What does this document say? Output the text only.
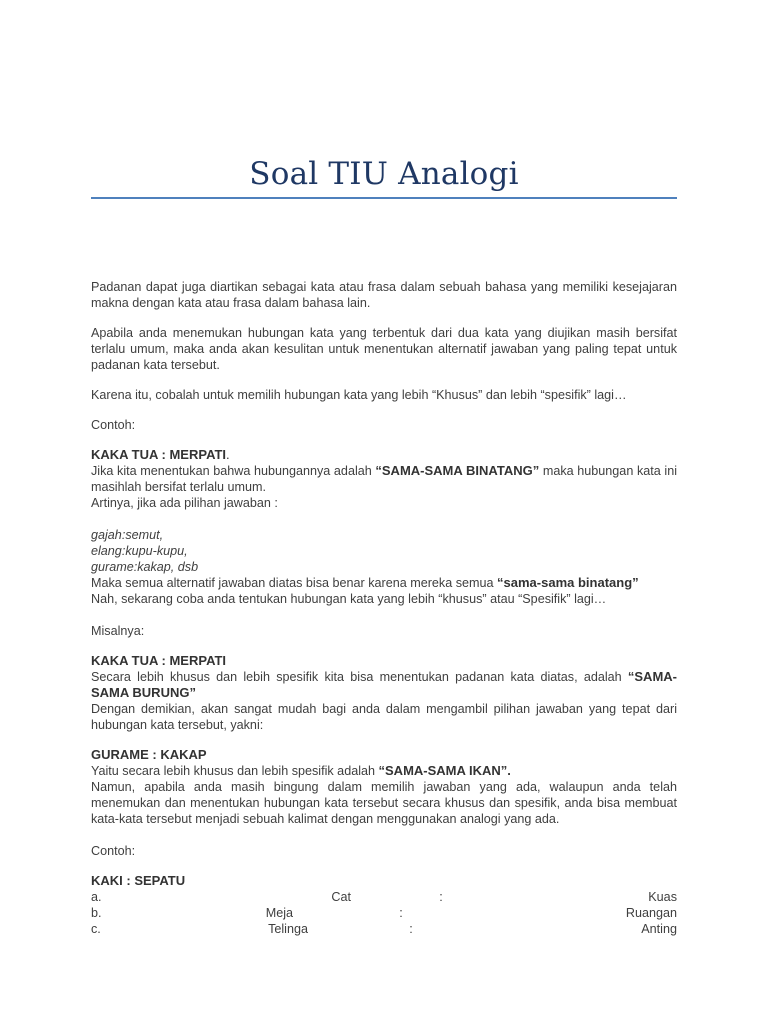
Soal TIU Analogi

Padanan dapat juga diartikan sebagai kata atau frasa dalam sebuah bahasa yang memiliki kesejajaran makna dengan kata atau frasa dalam bahasa lain.

Apabila anda menemukan hubungan kata yang terbentuk dari dua kata yang diujikan masih bersifat terlalu umum, maka anda akan kesulitan untuk menentukan alternatif jawaban yang paling tepat untuk padanan kata tersebut.

Karena itu, cobalah untuk memilih hubungan kata yang lebih “Khusus” dan lebih “spesifik” lagi…

Contoh:

KAKA TUA : MERPATI.

Jika kita menentukan bahwa hubungannya adalah “SAMA-SAMA BINATANG” maka hubungan kata ini masihlah bersifat terlalu umum.

Artinya, jika ada pilihan jawaban :

gajah:semut,
elang:kupu-kupu,
gurame:kakap, dsb

Maka semua alternatif jawaban diatas bisa benar karena mereka semua “sama-sama binatang”

Nah, sekarang coba anda tentukan hubungan kata yang lebih “khusus” atau “Spesifik” lagi…

Misalnya:

KAKA TUA : MERPATI

Secara lebih khusus dan lebih spesifik kita bisa menentukan padanan kata diatas, adalah “SAMA-SAMA BURUNG”

Dengan demikian, akan sangat mudah bagi anda dalam mengambil pilihan jawaban yang tepat dari hubungan kata tersebut, yakni:

GURAME : KAKAP

Yaitu secara lebih khusus dan lebih spesifik adalah “SAMA-SAMA IKAN”.

Namun, apabila anda masih bingung dalam memilih jawaban yang ada, walaupun anda telah menemukan dan menentukan hubungan kata tersebut secara khusus dan spesifik, anda bisa membuat kata-kata tersebut menjadi sebuah kalimat dengan menggunakan analogi yang ada.

Contoh:

KAKI : SEPATU
a.	Cat	:	Kuas
b.	Meja	:	Ruangan
c.	Telinga	:	Anting
